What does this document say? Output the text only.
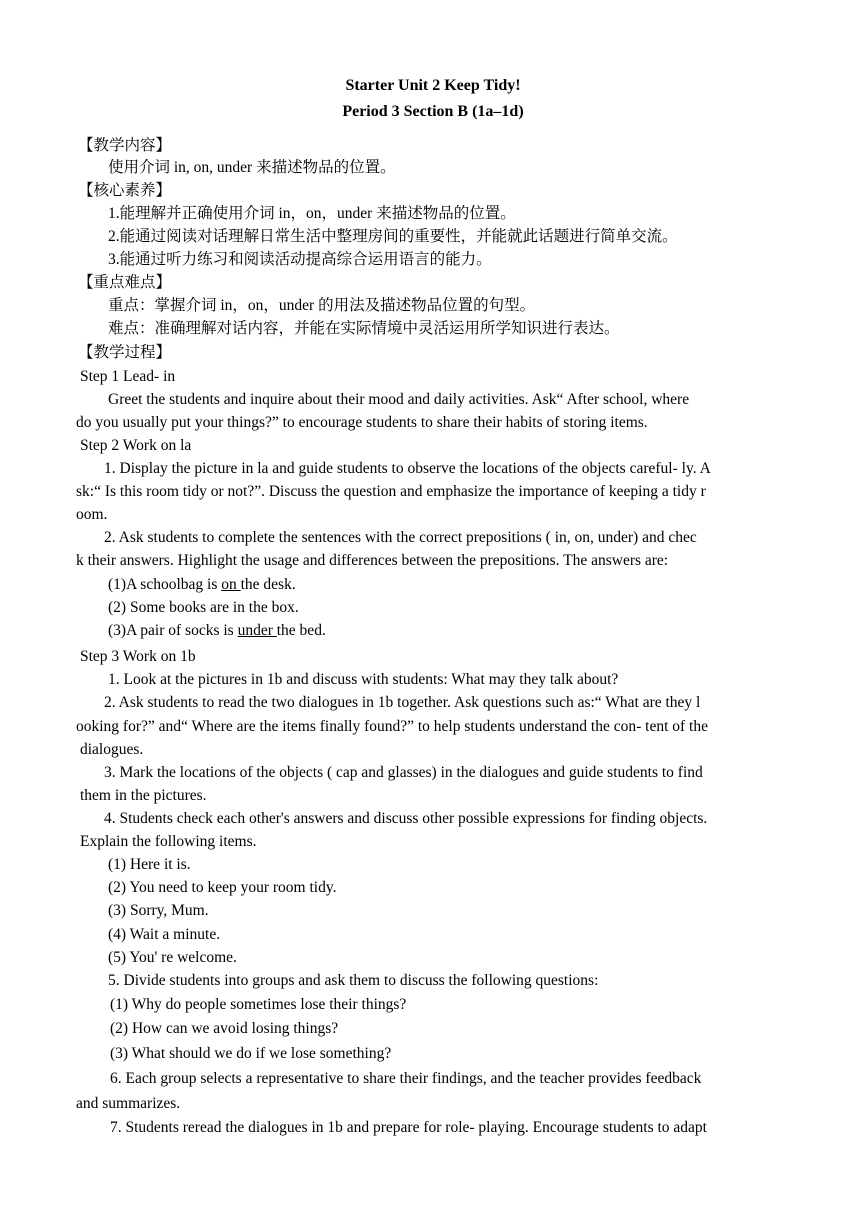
Starter Unit 2 Keep Tidy!
Period 3 Section B (1a–1d)
【教学内容】
使用介词 in, on, under 来描述物品的位置。
【核心素养】
1.能理解并正确使用介词 in，on，under 来描述物品的位置。
2.能通过阅读对话理解日常生活中整理房间的重要性，并能就此话题进行简单交流。
3.能通过听力练习和阅读活动提高综合运用语言的能力。
【重点难点】
重点：掌握介词 in，on，under 的用法及描述物品位置的句型。
难点：准确理解对话内容，并能在实际情境中灵活运用所学知识进行表达。
【教学过程】
Step 1 Lead- in
Greet the students and inquire about their mood and daily activities. Ask“ After school, where
do you usually put your things?” to encourage students to share their habits of storing items.
Step 2 Work on la
1. Display the picture in la and guide students to observe the locations of the objects careful- ly. A
sk:“ Is this room tidy or not?”. Discuss the question and emphasize the importance of keeping a tidy r
oom.
2. Ask students to complete the sentences with the correct prepositions ( in, on, under) and chec
k their answers. Highlight the usage and differences between the prepositions. The answers are:
(1)A schoolbag is on the desk.
(2) Some books are in the box.
(3)A pair of socks is under the bed.
Step 3 Work on 1b
1. Look at the pictures in 1b and discuss with students: What may they talk about?
2. Ask students to read the two dialogues in 1b together. Ask questions such as:“ What are they l
ooking for?” and“ Where are the items finally found?” to help students understand the con- tent of the
dialogues.
3. Mark the locations of the objects ( cap and glasses) in the dialogues and guide students to find
them in the pictures.
4. Students check each other's answers and discuss other possible expressions for finding objects.
Explain the following items.
(1) Here it is.
(2) You need to keep your room tidy.
(3) Sorry, Mum.
(4) Wait a minute.
(5) You' re welcome.
5. Divide students into groups and ask them to discuss the following questions:
(1) Why do people sometimes lose their things?
(2) How can we avoid losing things?
(3) What should we do if we lose something?
6. Each group selects a representative to share their findings, and the teacher provides feedback
and summarizes.
7. Students reread the dialogues in 1b and prepare for role- playing. Encourage students to adapt
